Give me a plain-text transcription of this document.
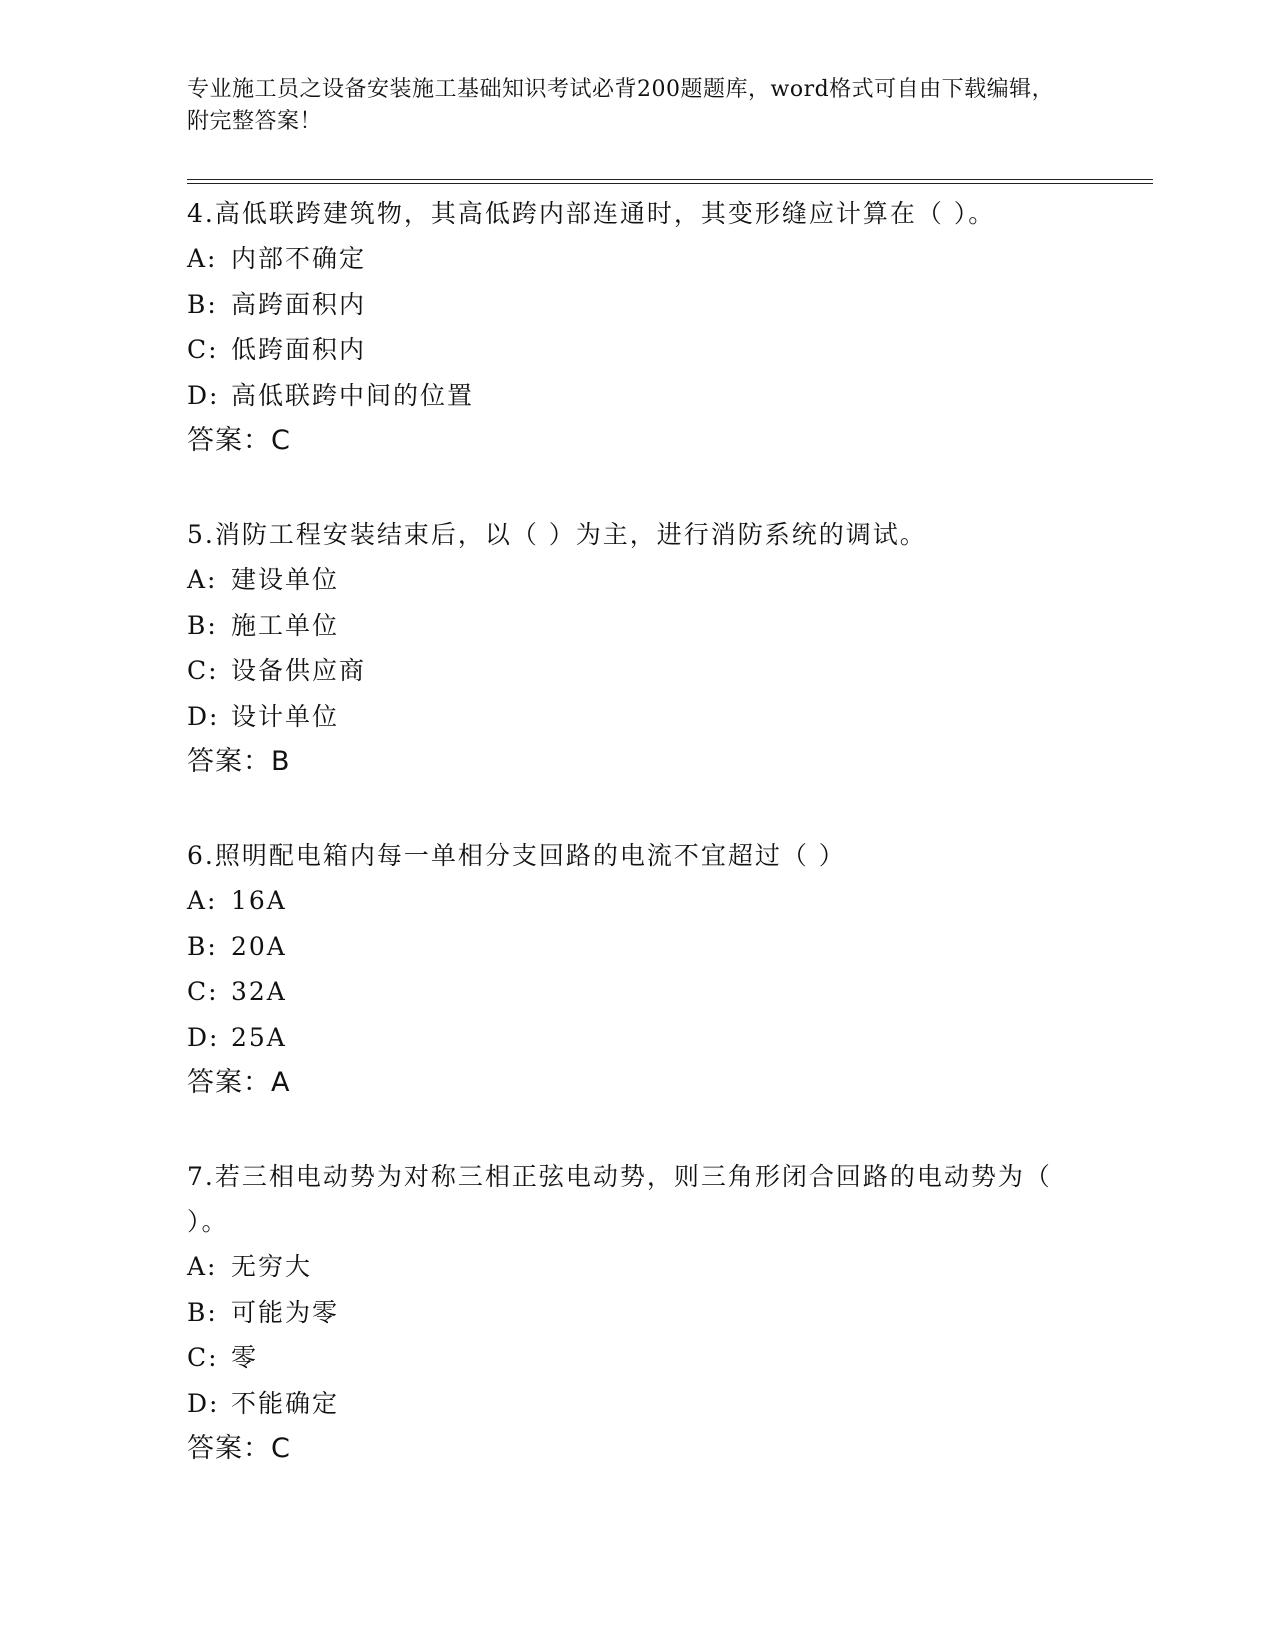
专业施工员之设备安装施工基础知识考试必背200题题库，word格式可自由下载编辑，附完整答案！

4.高低联跨建筑物，其高低跨内部连通时，其变形缝应计算在（ ）。

A: 内部不确定

B: 高跨面积内

C: 低跨面积内

D: 高低联跨中间的位置

答案：C

5.消防工程安装结束后，以（ ）为主，进行消防系统的调试。

A: 建设单位

B: 施工单位

C: 设备供应商

D: 设计单位

答案：B

6.照明配电箱内每一单相分支回路的电流不宜超过（ ）

A: 16A

B: 20A

C: 32A

D: 25A

答案：A

7.若三相电动势为对称三相正弦电动势，则三角形闭合回路的电动势为（ ）。

A: 无穷大

B: 可能为零

C: 零

D: 不能确定

答案：C
